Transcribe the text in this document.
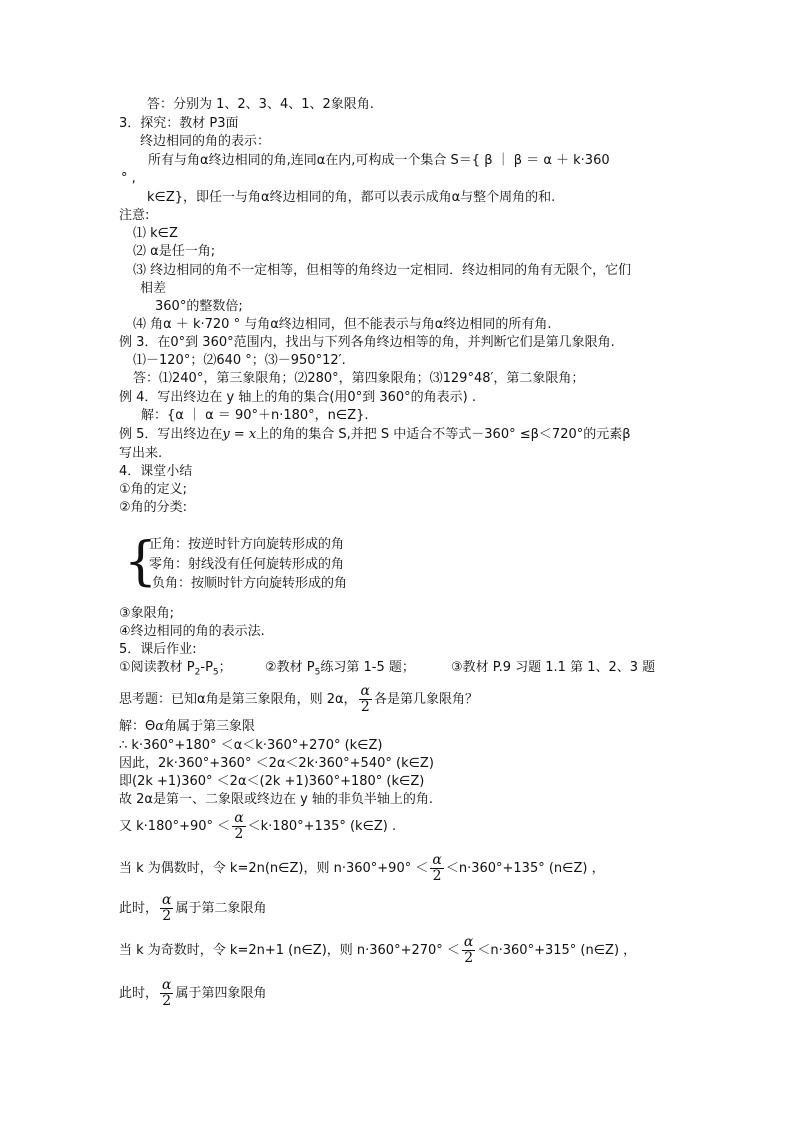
答：分别为 1、2、3、4、1、2象限角.
3．探究：教材 P3面
终边相同的角的表示：
所有与角α终边相同的角,连同α在内,可构成一个集合 S＝{ β ｜ β ＝ α ＋ k·360
° ,
k∈Z}，即任一与角α终边相同的角，都可以表示成角α与整个周角的和.
注意:
⑴ k∈Z
⑵ α是任一角;
⑶ 终边相同的角不一定相等，但相等的角终边一定相同．终边相同的角有无限个，它们
相差
360°的整数倍;
⑷ 角α ＋ k·720 ° 与角α终边相同，但不能表示与角α终边相同的所有角.
例 3．在0°到 360°范围内，找出与下列各角终边相等的角，并判断它们是第几象限角.
⑴－120°；⑵640 °；⑶－950°12′.
答：⑴240°，第三象限角；⑵280°，第四象限角；⑶129°48′，第二象限角；
例 4．写出终边在 y 轴上的角的集合(用0°到 360°的角表示) .
解：{α ｜ α ＝ 90°＋n·180°，n∈Z}.
例 5．写出终边在y = x上的角的集合 S,并把 S 中适合不等式－360° ≤β＜720°的元素β
写出来.
4．课堂小结
①角的定义;
②角的分类:
{
正角：按逆时针方向旋转形成的角
零角：射线没有任何旋转形成的角
负角：按顺时针方向旋转形成的角
③象限角;
④终边相同的角的表示法.
5．课后作业:
①阅读教材 $P_2-P_5$；	②教材 $P_5$练习第 1-5 题；	③教材 P.9 习题 1.1 第 1、2、3 题
思考题：已知α角是第三象限角，则 2α， $\frac{\alpha}{2}$ 各是第几象限角？
解：Θα角属于第三象限
∴ k·360°+180° ＜α＜k·360°+270° (k∈Z)
因此，2k·360°+360° ＜2α＜2k·360°+540° (k∈Z)
即(2k +1)360° ＜2α＜(2k +1)360°+180° (k∈Z)
故 2α是第一、二象限或终边在 y 轴的非负半轴上的角.
又 $k\cdot 180^\circ+90^\circ < \frac{\alpha}{2} <k\cdot 180^\circ+135^\circ$ (k∈Z) .
当 k 为偶数时，令 k=2n(n∈Z)，则 $n\cdot 360^\circ+90^\circ < \frac{\alpha}{2} <n\cdot 360^\circ+135^\circ$ (n∈Z) ，
此时， $\frac{\alpha}{2}$ 属于第二象限角
当 k 为奇数时，令 k=2n+1 (n∈Z)，则 $n\cdot 360^\circ+270^\circ < \frac{\alpha}{2} <n\cdot 360^\circ+315^\circ$ (n∈Z) ，
此时， $\frac{\alpha}{2}$ 属于第四象限角
